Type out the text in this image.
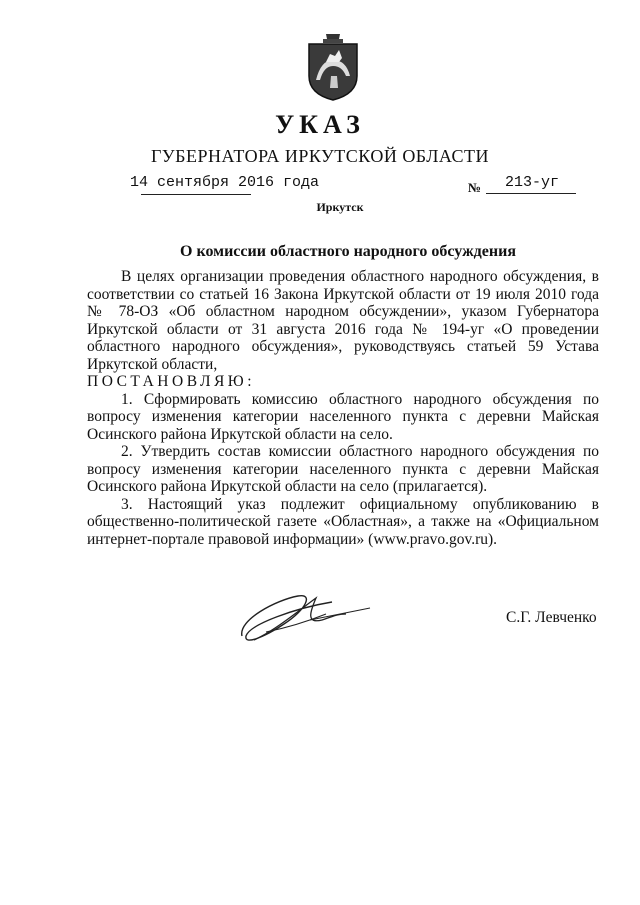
УКАЗ
ГУБЕРНАТОРА ИРКУТСКОЙ ОБЛАСТИ
14 сентября 2016 года	№ 213-уг
Иркутск
О комиссии областного народного обсуждения

В целях организации проведения областного народного обсуждения, в соответствии со статьей 16 Закона Иркутской области от 19 июля 2010 года № 78-ОЗ «Об областном народном обсуждении», указом Губернатора Иркутской области от 31 августа 2016 года № 194-уг «О проведении областного народного обсуждения», руководствуясь статьей 59 Устава Иркутской области,

ПОСТАНОВЛЯЮ:

1. Сформировать комиссию областного народного обсуждения по вопросу изменения категории населенного пункта с деревни Майская Осинского района Иркутской области на село.

2. Утвердить состав комиссии областного народного обсуждения по вопросу изменения категории населенного пункта с деревни Майская Осинского района Иркутской области на село (прилагается).

3. Настоящий указ подлежит официальному опубликованию в общественно-политической газете «Областная», а также на «Официальном интернет-портале правовой информации» (www.pravo.gov.ru).

С.Г. Левченко
